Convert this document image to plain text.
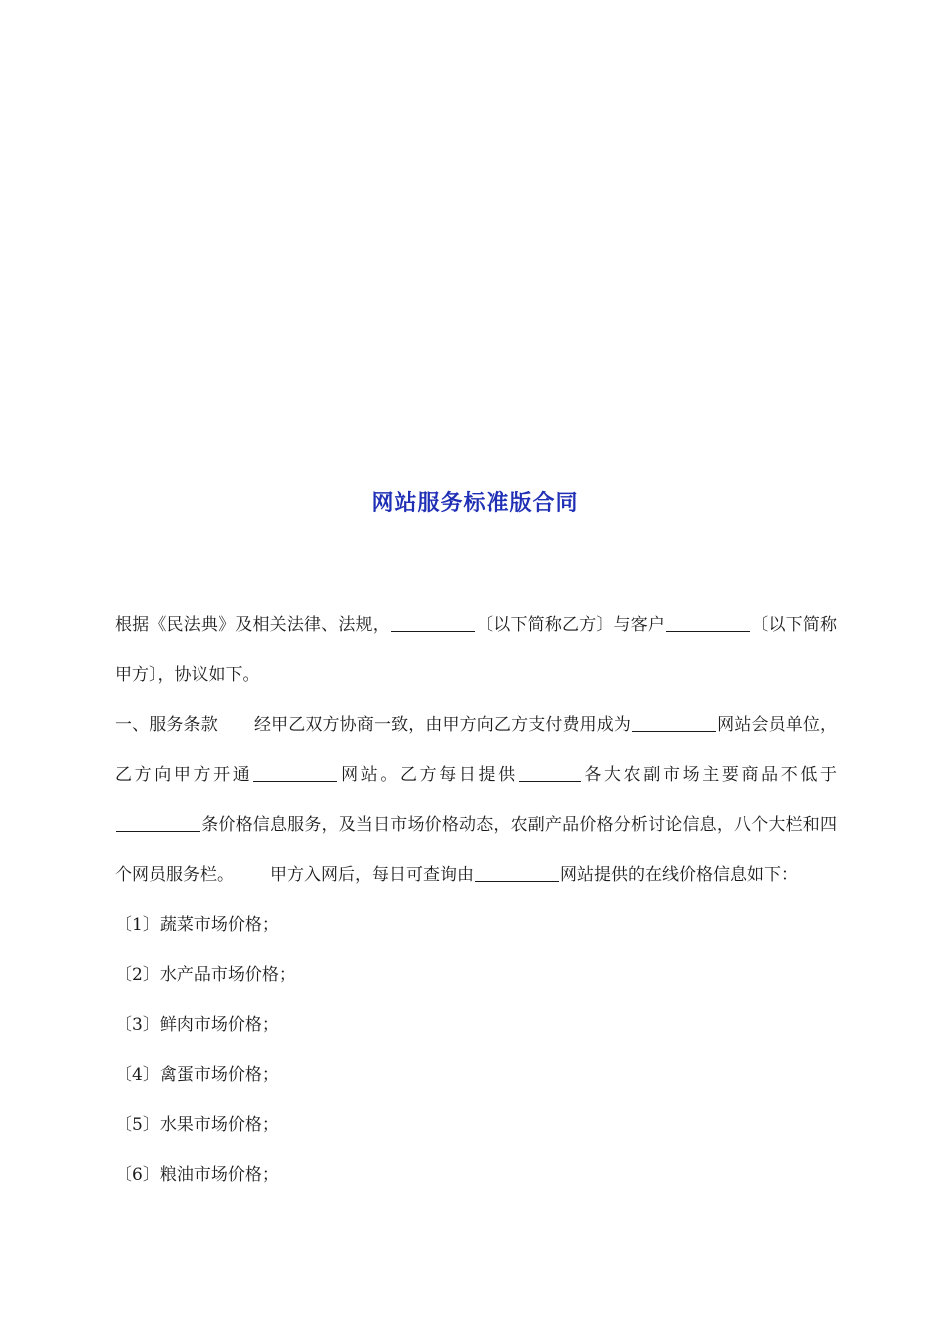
网站服务标准版合同

根据《民法典》及相关法律、法规，	〔以下简称乙方〕与客户	〔以下简称甲方〕，协议如下。

一、服务条款 经甲乙双方协商一致，由甲方向乙方支付费用成为	网站会员单位，乙方向甲方开通	网站。乙方每日提供	各大农副市场主要商品不低于条价格信息服务，及当日市场价格动态，农副产品价格分析讨论信息，八个大栏和四个网员服务栏。 甲方入网后，每日可查询由	网站提供的在线价格信息如下：

〔1〕蔬菜市场价格；

〔2〕水产品市场价格；

〔3〕鲜肉市场价格；

〔4〕禽蛋市场价格；

〔5〕水果市场价格；

〔6〕粮油市场价格；
